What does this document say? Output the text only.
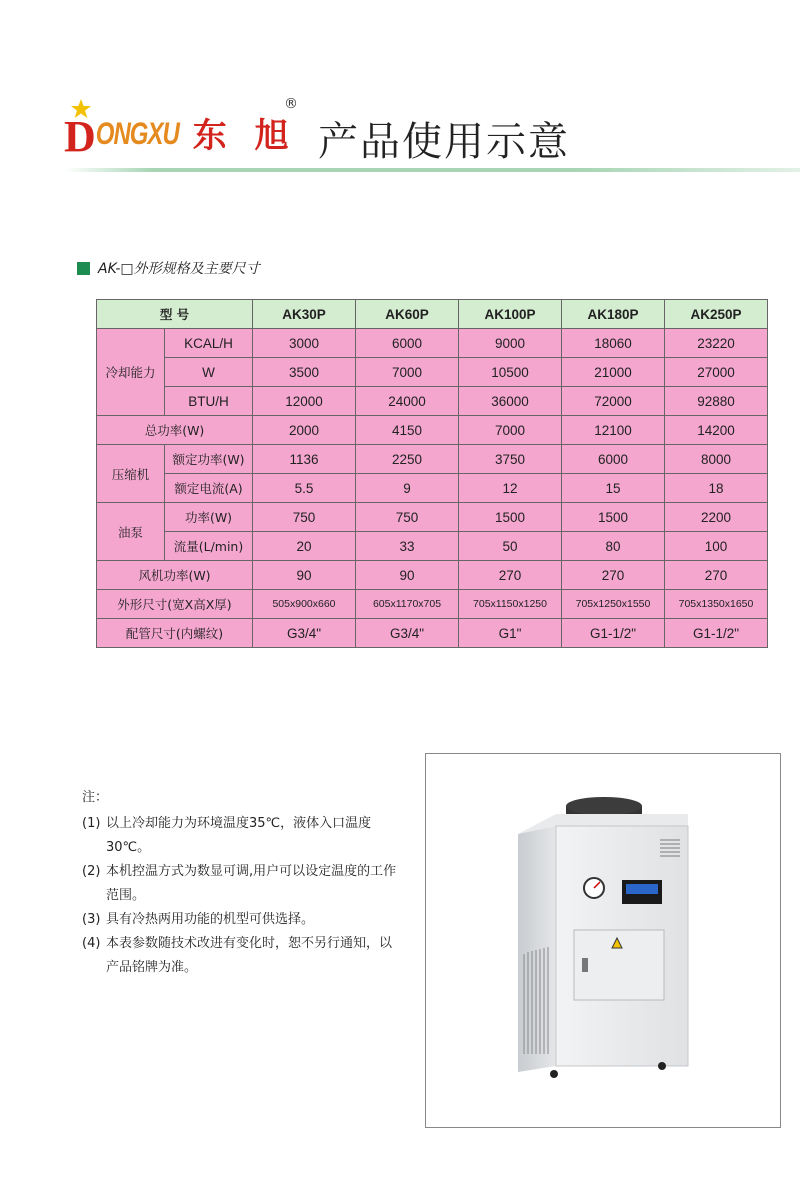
D ONGXU 东 旭
®
产品使用示意
AK-□外形规格及主要尺寸
型 号		AK30P	AK60P	AK100P	AK180P	AK250P
冷却能力	KCAL/H	3000	6000	9000	18060	23220
	W	3500	7000	10500	21000	27000
	BTU/H	12000	24000	36000	72000	92880
总功率(W)		2000	4150	7000	12100	14200
压缩机	额定功率(W)	1136	2250	3750	6000	8000
	额定电流(A)	5.5	9	12	15	18
油泵	功率(W)	750	750	1500	1500	2200
	流量(L/min)	20	33	50	80	100
风机功率(W)		90	90	270	270	270
外形尺寸(宽X高X厚)		505x900x660	605x1170x705	705x1150x1250	705x1250x1550	705x1350x1650
配管尺寸(内螺纹)		G3/4"	G3/4"	G1"	G1-1/2"	G1-1/2"
注：
(1) 以上冷却能力为环境温度35℃，液体入口温度30℃。
(2) 本机控温方式为数显可调,用户可以设定温度的工作范围。
(3) 具有冷热两用功能的机型可供选择。
(4) 本表参数随技术改进有变化时，恕不另行通知，以产品铭牌为准。
